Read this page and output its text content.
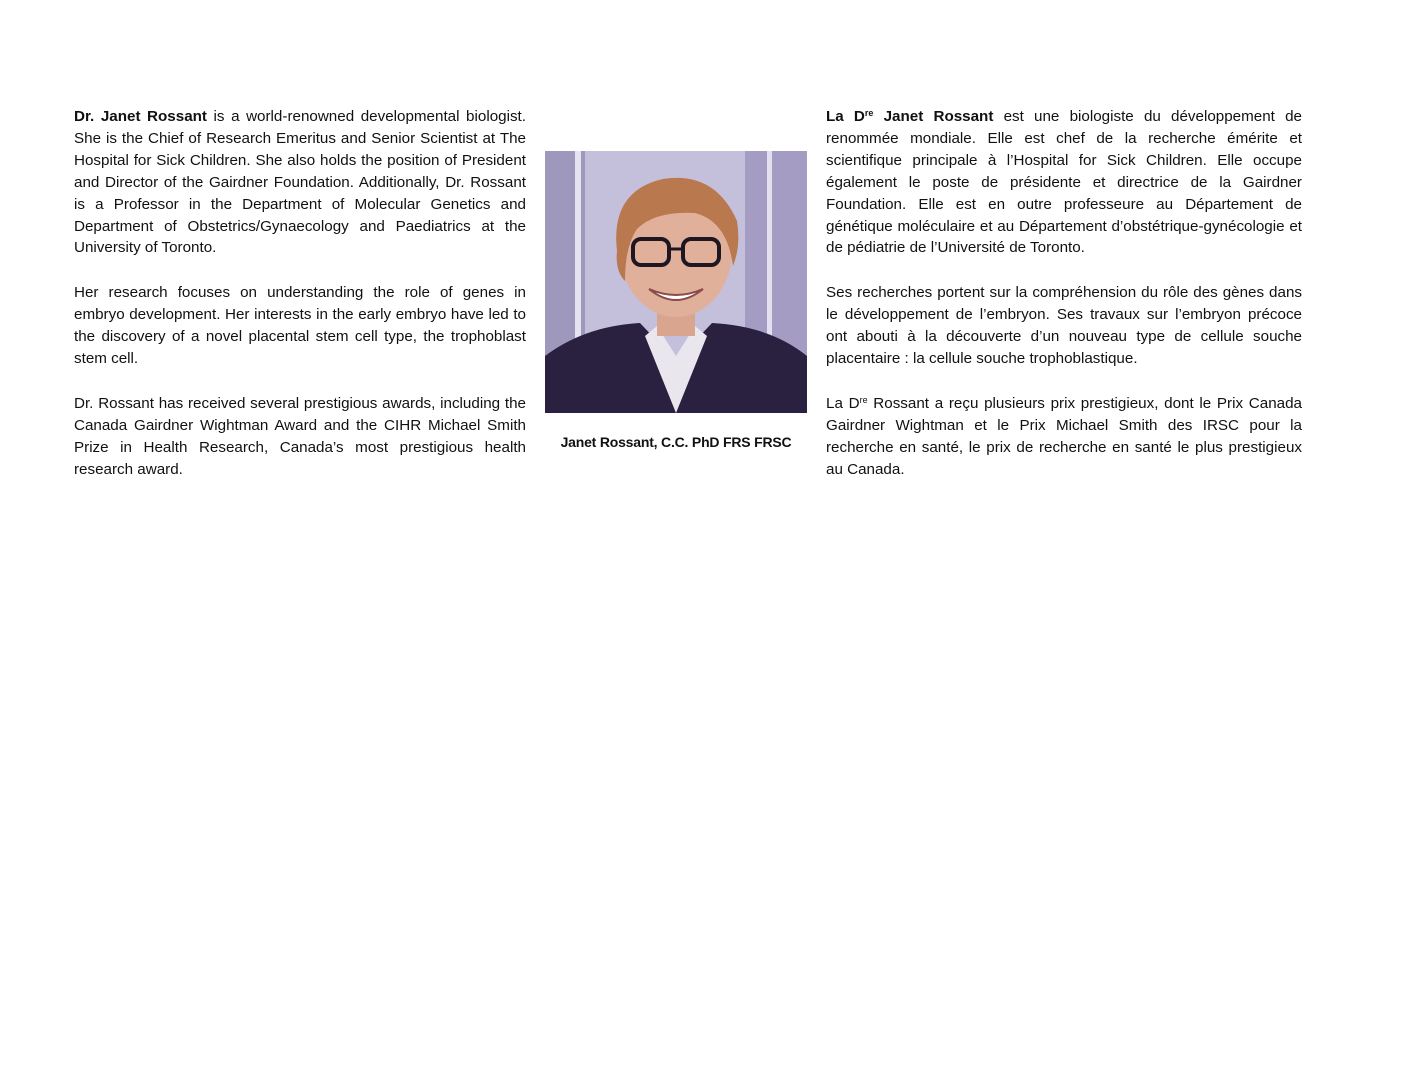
Dr. Janet Rossant is a world-renowned developmental biologist. She is the Chief of Research Emeritus and Senior Scientist at The Hospital for Sick Children. She also holds the position of President and Director of the Gairdner Foundation. Additionally, Dr. Rossant is a Professor in the Department of Molecular Genetics and Department of Obstetrics/Gynaecology and Paediatrics at the University of Toronto.

Her research focuses on understanding the role of genes in embryo development. Her interests in the early embryo have led to the discovery of a novel placental stem cell type, the trophoblast stem cell.

Dr. Rossant has received several prestigious awards, including the Canada Gairdner Wightman Award and the CIHR Michael Smith Prize in Health Research, Canada’s most prestigious health research award.

Janet Rossant, C.C. PhD FRS FRSC

La Dre Janet Rossant est une biologiste du développement de renommée mondiale. Elle est chef de la recherche émérite et scientifique principale à l’Hospital for Sick Children. Elle occupe également le poste de présidente et directrice de la Gairdner Foundation. Elle est en outre professeure au Département de génétique moléculaire et au Département d’obstétrique-gynécologie et de pédiatrie de l’Université de Toronto.

Ses recherches portent sur la compréhension du rôle des gènes dans le développement de l’embryon. Ses travaux sur l’embryon précoce ont abouti à la découverte d’un nouveau type de cellule souche placentaire : la cellule souche trophoblastique.

La Dre Rossant a reçu plusieurs prix prestigieux, dont le Prix Canada Gairdner Wightman et le Prix Michael Smith des IRSC pour la recherche en santé, le prix de recherche en santé le plus prestigieux au Canada.
